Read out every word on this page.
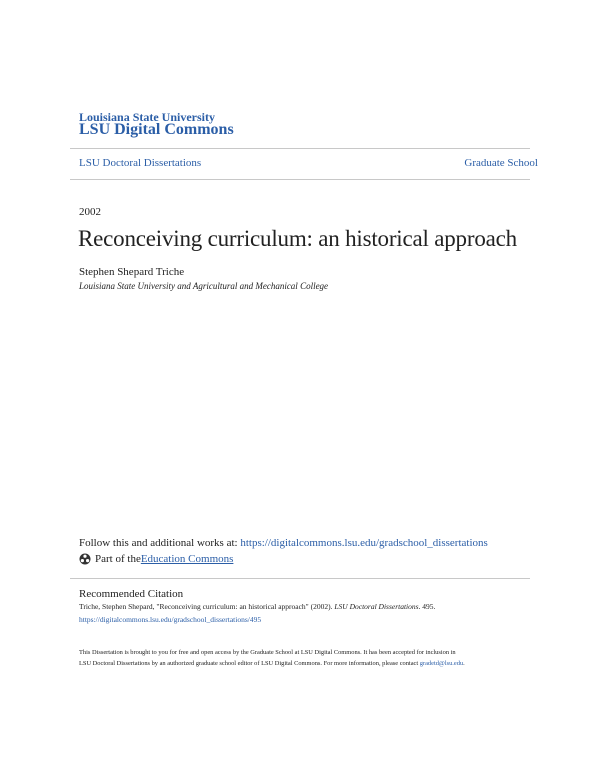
Louisiana State University
LSU Digital Commons
LSU Doctoral Dissertations	Graduate School
2002
Reconceiving curriculum: an historical approach
Stephen Shepard Triche
Louisiana State University and Agricultural and Mechanical College
Follow this and additional works at: https://digitalcommons.lsu.edu/gradschool_dissertations
Part of the Education Commons
Recommended Citation
Triche, Stephen Shepard, "Reconceiving curriculum: an historical approach" (2002). LSU Doctoral Dissertations. 495.
https://digitalcommons.lsu.edu/gradschool_dissertations/495
This Dissertation is brought to you for free and open access by the Graduate School at LSU Digital Commons. It has been accepted for inclusion in
LSU Doctoral Dissertations by an authorized graduate school editor of LSU Digital Commons. For more information, please contact gradetd@lsu.edu.
